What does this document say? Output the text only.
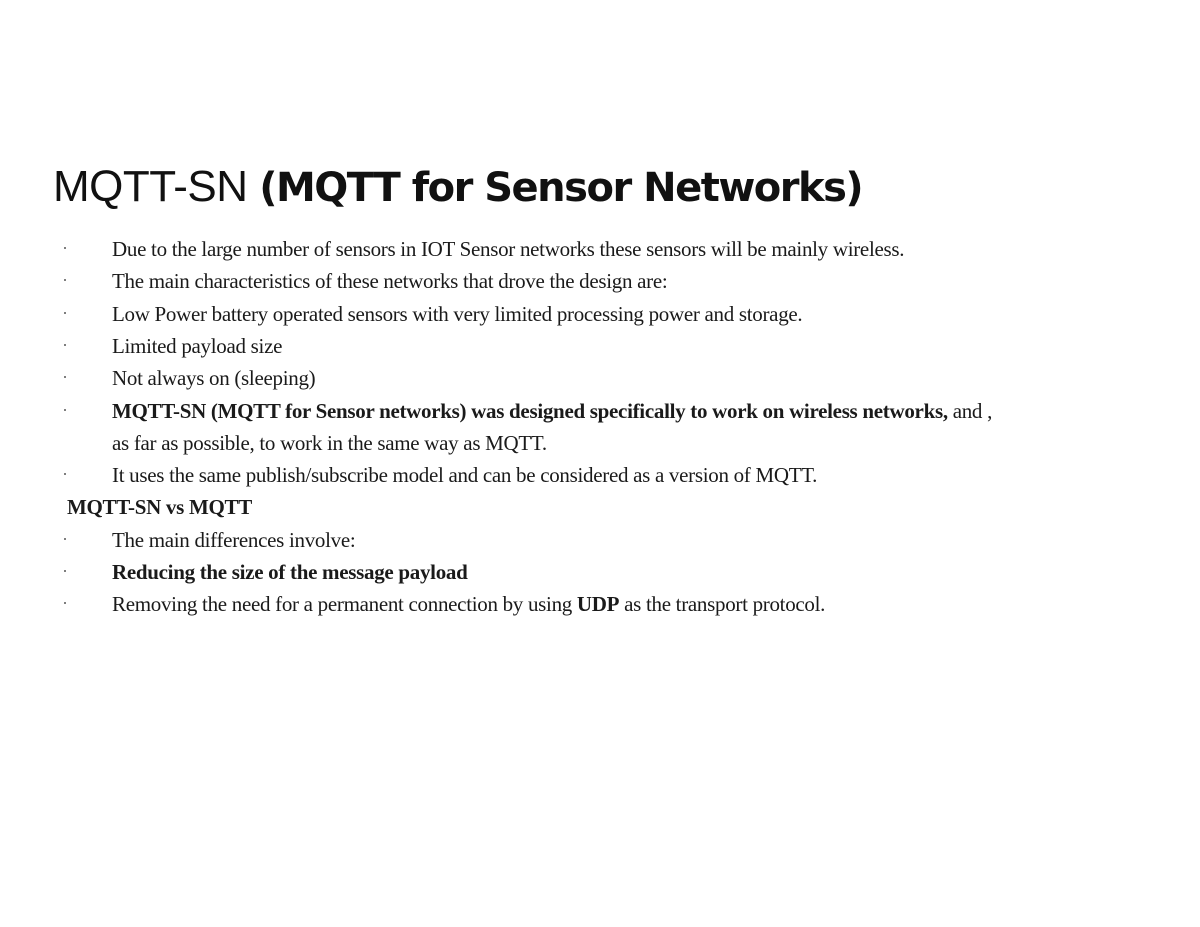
MQTT-SN (MQTT for Sensor Networks)
Due to the large number of sensors in IOT Sensor networks these sensors will be mainly wireless.
The main characteristics of these networks that drove the design are:
Low Power battery operated sensors with very limited processing power and storage.
Limited payload size
Not always on (sleeping)
MQTT-SN (MQTT for Sensor networks) was designed specifically to work on wireless networks, and ,
as far as possible, to work in the same way as MQTT.
It uses the same publish/subscribe model and can be considered as a version of MQTT.
MQTT-SN vs MQTT
The main differences involve:
Reducing the size of the message payload
Removing the need for a permanent connection by using UDP as the transport protocol.
